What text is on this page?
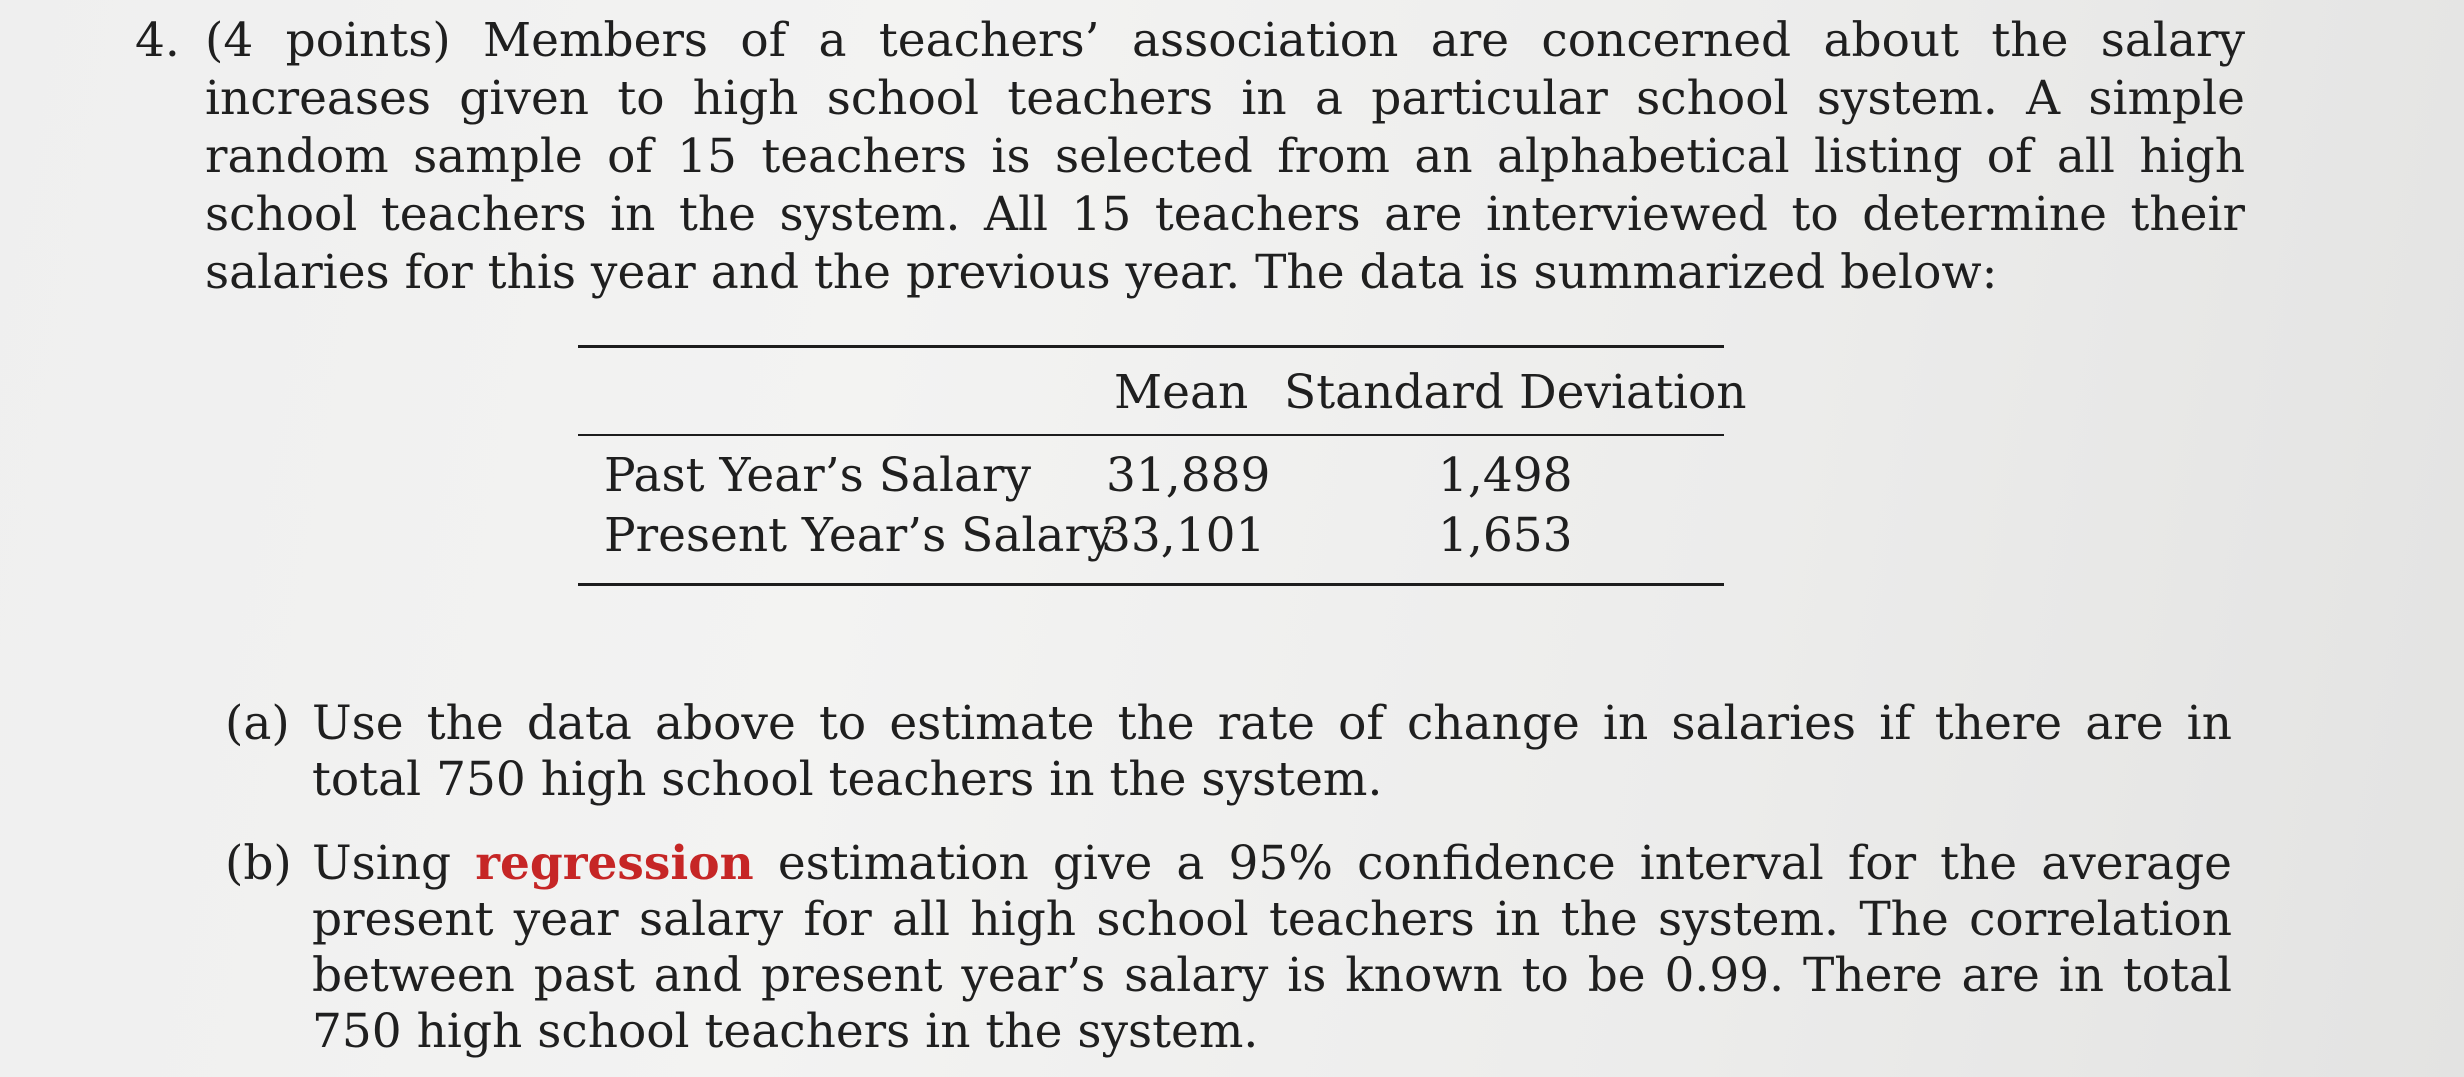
4. (4 points) Members of a teachers’ association are concerned about the salary increases given to high school teachers in a particular school system. A simple random sample of 15 teachers is selected from an alphabetical listing of all high school teachers in the system. All 15 teachers are interviewed to determine their salaries for this year and the previous year. The data is summarized below:
Mean Standard Deviation
Past Year’s Salary 31,889	1,498
Present Year’s Salary
33,101	1,653
(a) Use the data above to estimate the rate of change in salaries if there are in total 750 high school teachers in the system.
(b) Using regression estimation give a 95% confidence interval for the average present year salary for all high school teachers in the system. The correlation between past and present year’s salary is known to be 0.99. There are in total 750 high school teachers in the system.
